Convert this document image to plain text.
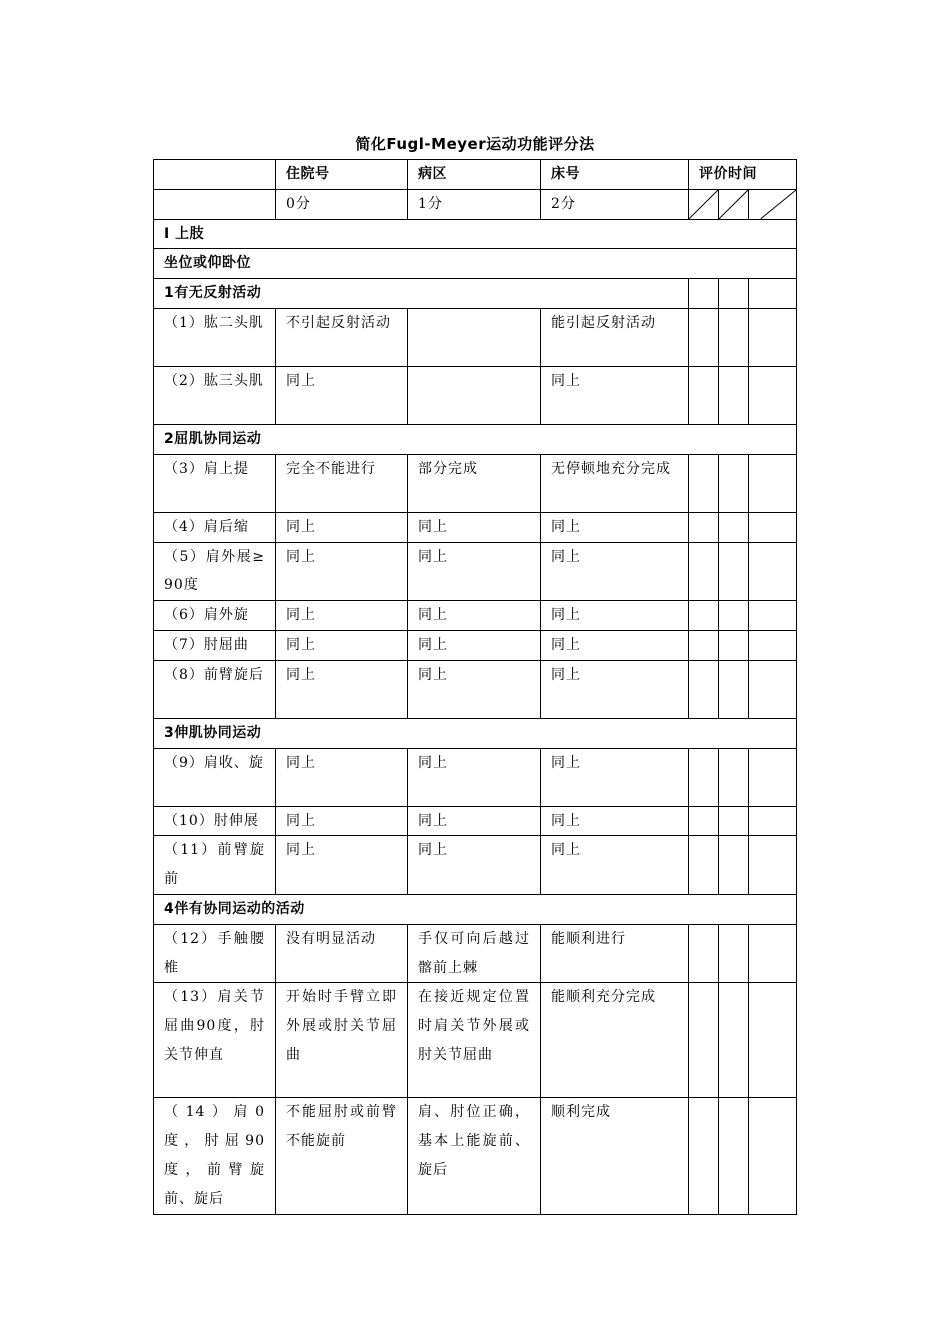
简化Fugl-Meyer运动功能评分法
	住院号	病区	床号	评价时间		
	0分	1分	2分	

Ⅰ 上肢						
坐位或仰卧位						
1有无反射活动						
（1）肱二头肌	不引起反射活动		能引起反射活动			
（2）肱三头肌	同上		同上			
2屈肌协同运动						
（3）肩上提	完全不能进行	部分完成	无停顿地充分完成			
（4）肩后缩	同上	同上	同上			
（5）肩外展≥90度	同上	同上	同上			
（6）肩外旋	同上	同上	同上			
（7）肘屈曲	同上	同上	同上			
（8）前臂旋后	同上	同上	同上			
3伸肌协同运动						
（9）肩收、旋	同上	同上	同上			
（10）肘伸展	同上	同上	同上			
（11）前臂旋前	同上	同上	同上			
4伴有协同运动的活动						
（12）手触腰椎	没有明显活动	手仅可向后越过髂前上棘	能顺利进行			
（13）肩关节屈曲90度，肘关节伸直	开始时手臂立即外展或肘关节屈曲	在接近规定位置时肩关节外展或肘关节屈曲	能顺利充分完成			
（14）肩0度，肘屈90度，前臂旋前、旋后	不能屈肘或前臂不能旋前	肩、肘位正确，基本上能旋前、旋后	顺利完成			
